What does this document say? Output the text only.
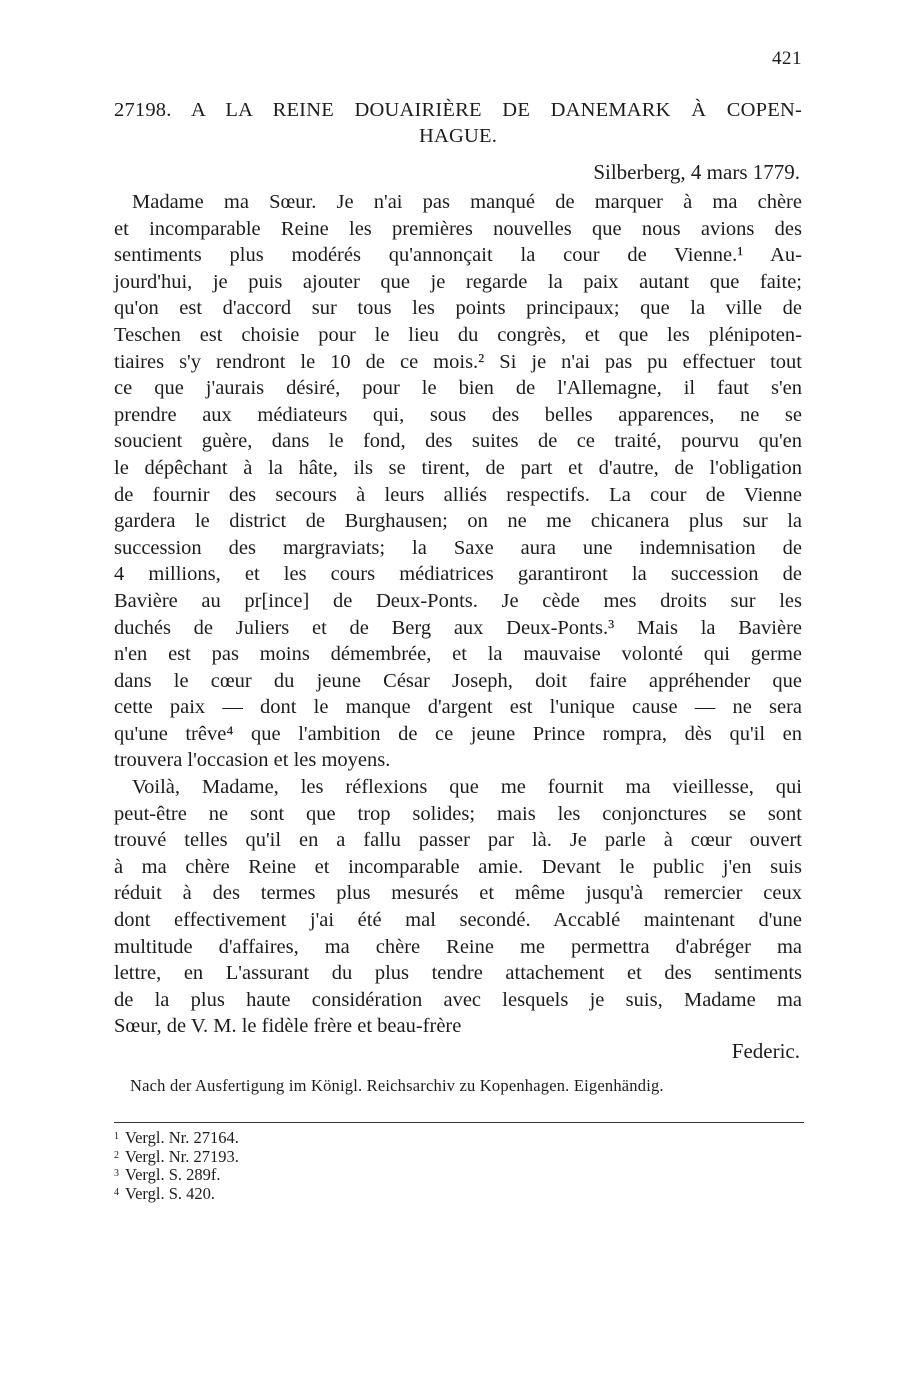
421
27198. A LA REINE DOUAIRIÈRE DE DANEMARK À COPEN-
HAGUE.
Silberberg, 4 mars 1779.
Madame ma Sœur. Je n'ai pas manqué de marquer à ma chère
et incomparable Reine les premières nouvelles que nous avions des
sentiments plus modérés qu'annonçait la cour de Vienne.¹ Au-
jourd'hui, je puis ajouter que je regarde la paix autant que faite;
qu'on est d'accord sur tous les points principaux; que la ville de
Teschen est choisie pour le lieu du congrès, et que les plénipoten-
tiaires s'y rendront le 10 de ce mois.² Si je n'ai pas pu effectuer tout
ce que j'aurais désiré, pour le bien de l'Allemagne, il faut s'en
prendre aux médiateurs qui, sous des belles apparences, ne se
soucient guère, dans le fond, des suites de ce traité, pourvu qu'en
le dépêchant à la hâte, ils se tirent, de part et d'autre, de l'obligation
de fournir des secours à leurs alliés respectifs. La cour de Vienne
gardera le district de Burghausen; on ne me chicanera plus sur la
succession des margraviats; la Saxe aura une indemnisation de
4 millions, et les cours médiatrices garantiront la succession de
Bavière au pr[ince] de Deux-Ponts. Je cède mes droits sur les
duchés de Juliers et de Berg aux Deux-Ponts.³ Mais la Bavière
n'en est pas moins démembrée, et la mauvaise volonté qui germe
dans le cœur du jeune César Joseph, doit faire appréhender que
cette paix — dont le manque d'argent est l'unique cause — ne sera
qu'une trêve⁴ que l'ambition de ce jeune Prince rompra, dès qu'il en
trouvera l'occasion et les moyens.
Voilà, Madame, les réflexions que me fournit ma vieillesse, qui
peut-être ne sont que trop solides; mais les conjonctures se sont
trouvé telles qu'il en a fallu passer par là. Je parle à cœur ouvert
à ma chère Reine et incomparable amie. Devant le public j'en suis
réduit à des termes plus mesurés et même jusqu'à remercier ceux
dont effectivement j'ai été mal secondé. Accablé maintenant d'une
multitude d'affaires, ma chère Reine me permettra d'abréger ma
lettre, en L'assurant du plus tendre attachement et des sentiments
de la plus haute considération avec lesquels je suis, Madame ma
Sœur, de V. M. le fidèle frère et beau-frère
Federic.
Nach der Ausfertigung im Königl. Reichsarchiv zu Kopenhagen. Eigenhändig.
$^1$ Vergl. Nr. 27164.
$^2$ Vergl. Nr. 27193.
$^3$ Vergl. S. 289f.
$^4$ Vergl. S. 420.
